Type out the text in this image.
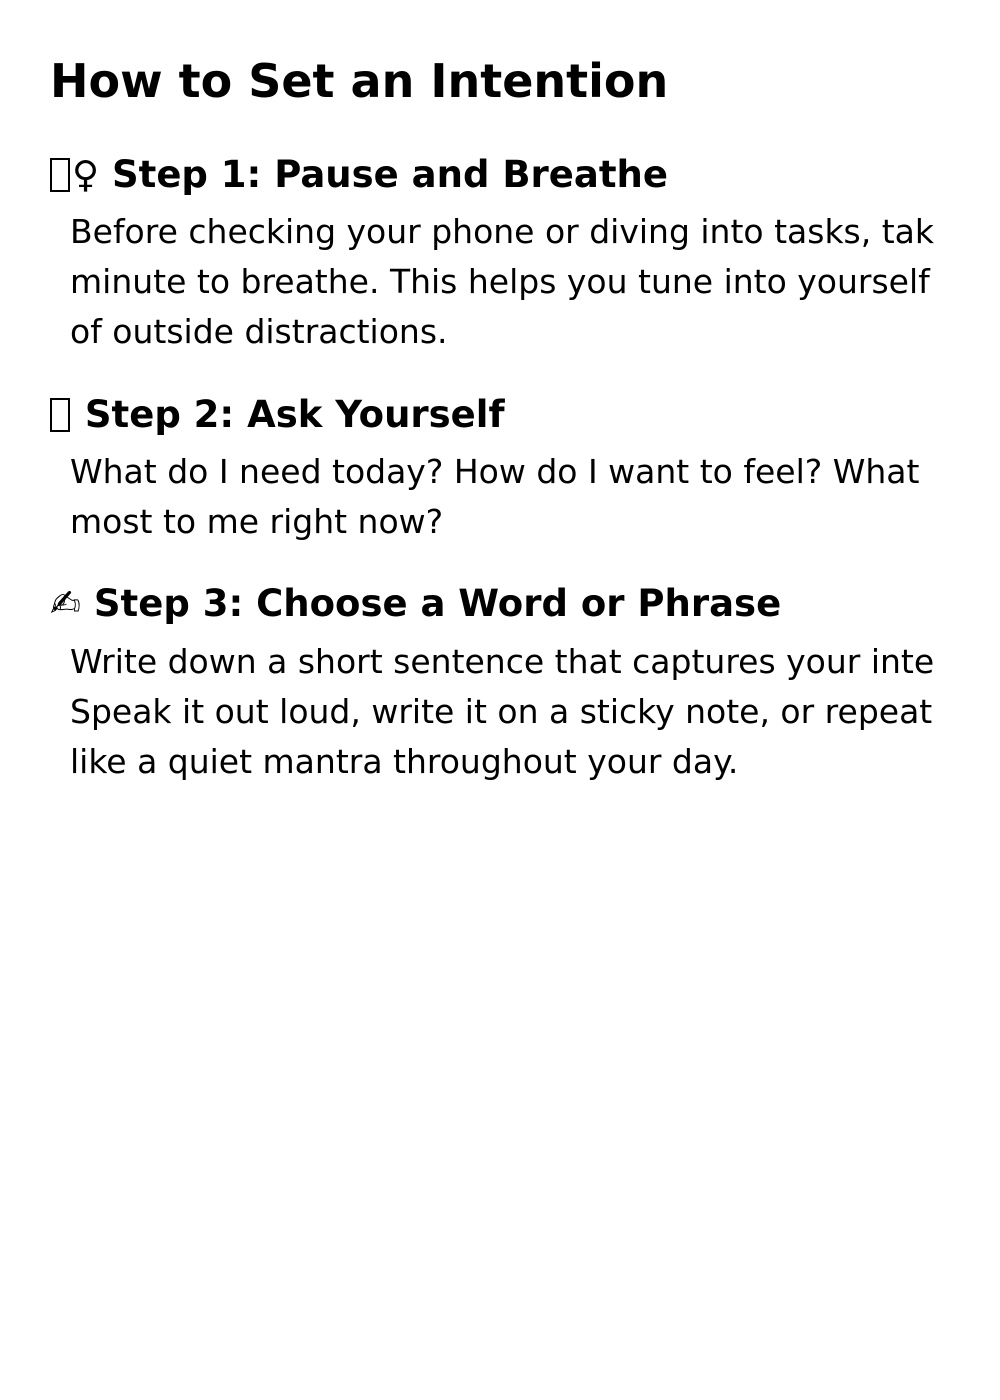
How to Set an Intention
♀ Step 1: Pause and Breathe

Before checking your phone or diving into tasks, tak
minute to breathe. This helps you tune into yourself
of outside distractions.

Step 2: Ask Yourself

What do I need today? How do I want to feel? What
most to me right now?

✍ Step 3: Choose a Word or Phrase

Write down a short sentence that captures your inte
Speak it out loud, write it on a sticky note, or repeat
like a quiet mantra throughout your day.
